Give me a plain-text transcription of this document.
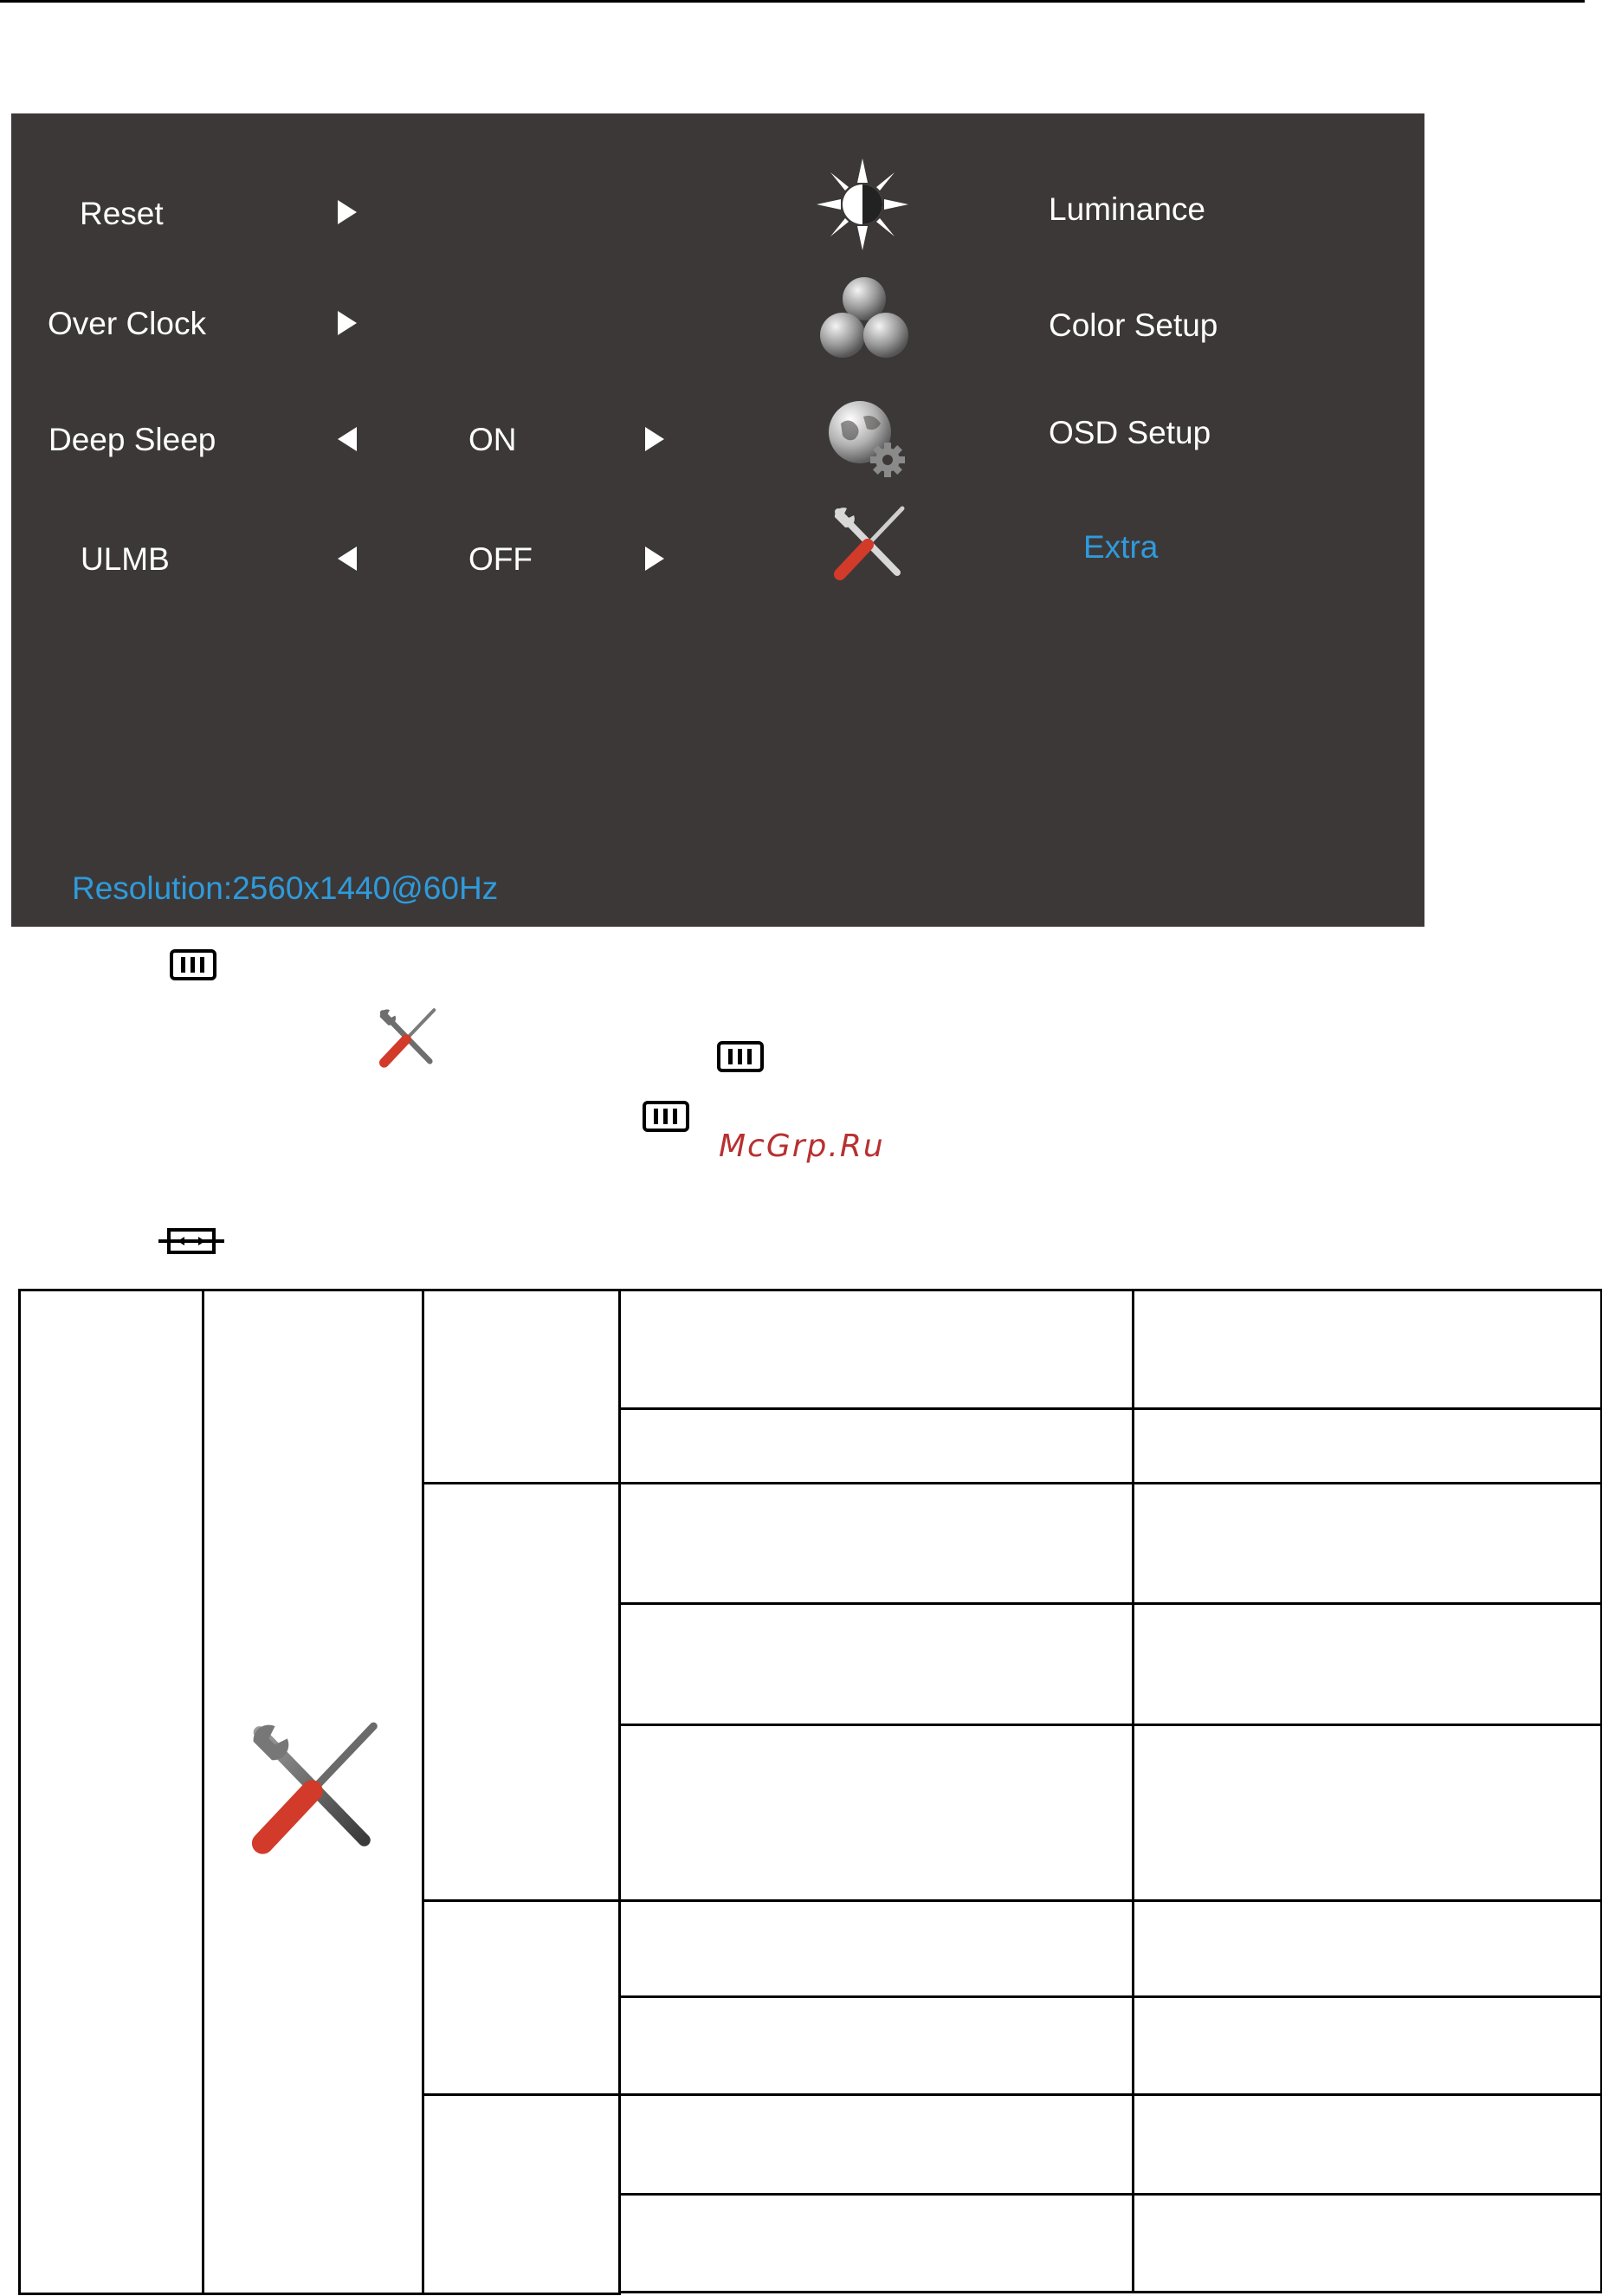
Reset
Over Clock
Deep Sleep	ON
ULMB	OFF
Luminance
Color Setup
OSD Setup
Extra
Resolution:2560x1440@60Hz
McGrp.Ru
